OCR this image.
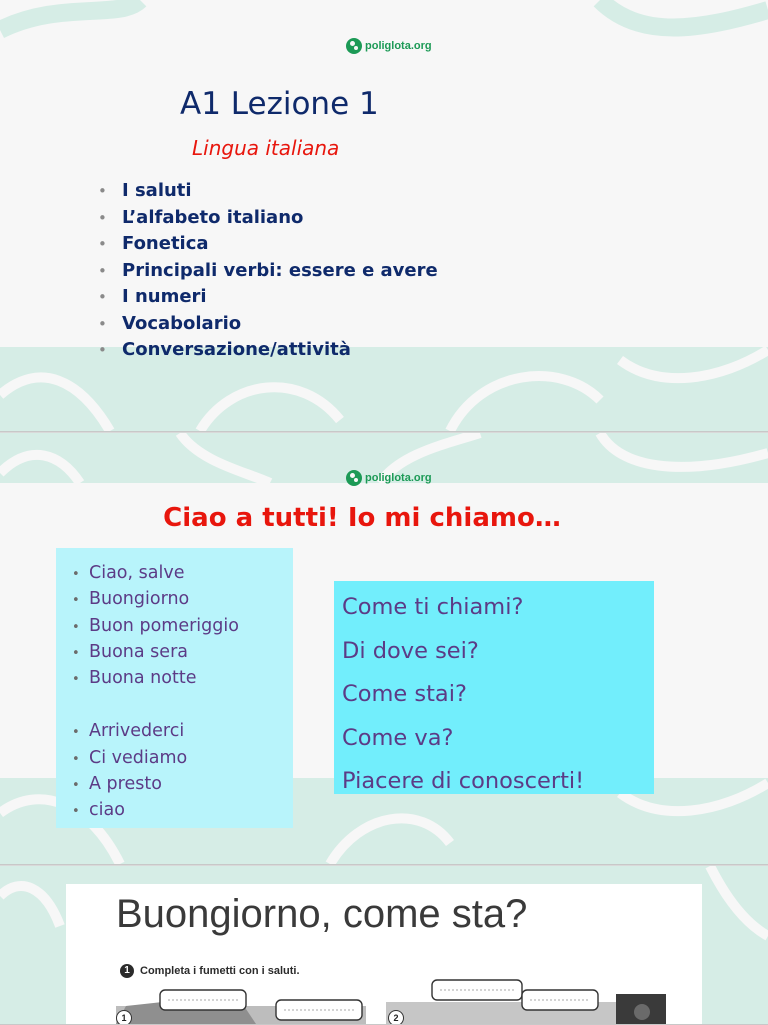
poliglota.org
A1 Lezione 1
Lingua italiana
• I saluti
• L’alfabeto italiano
• Fonetica
• Principali verbi: essere e avere
• I numeri
• Vocabolario
• Conversazione/attività
poliglota.org
Ciao a tutti! Io mi chiamo…
• Ciao, salve
• Buongiorno
• Buon pomeriggio
• Buona sera
• Buona notte
• Arrivederci
• Ci vediamo
• A presto
• ciao
Come ti chiami?
Di dove sei?
Come stai?
Come va?
Piacere di conoscerti!
Buongiorno, come sta?
1 Completa i fumetti con i saluti.
1	2
